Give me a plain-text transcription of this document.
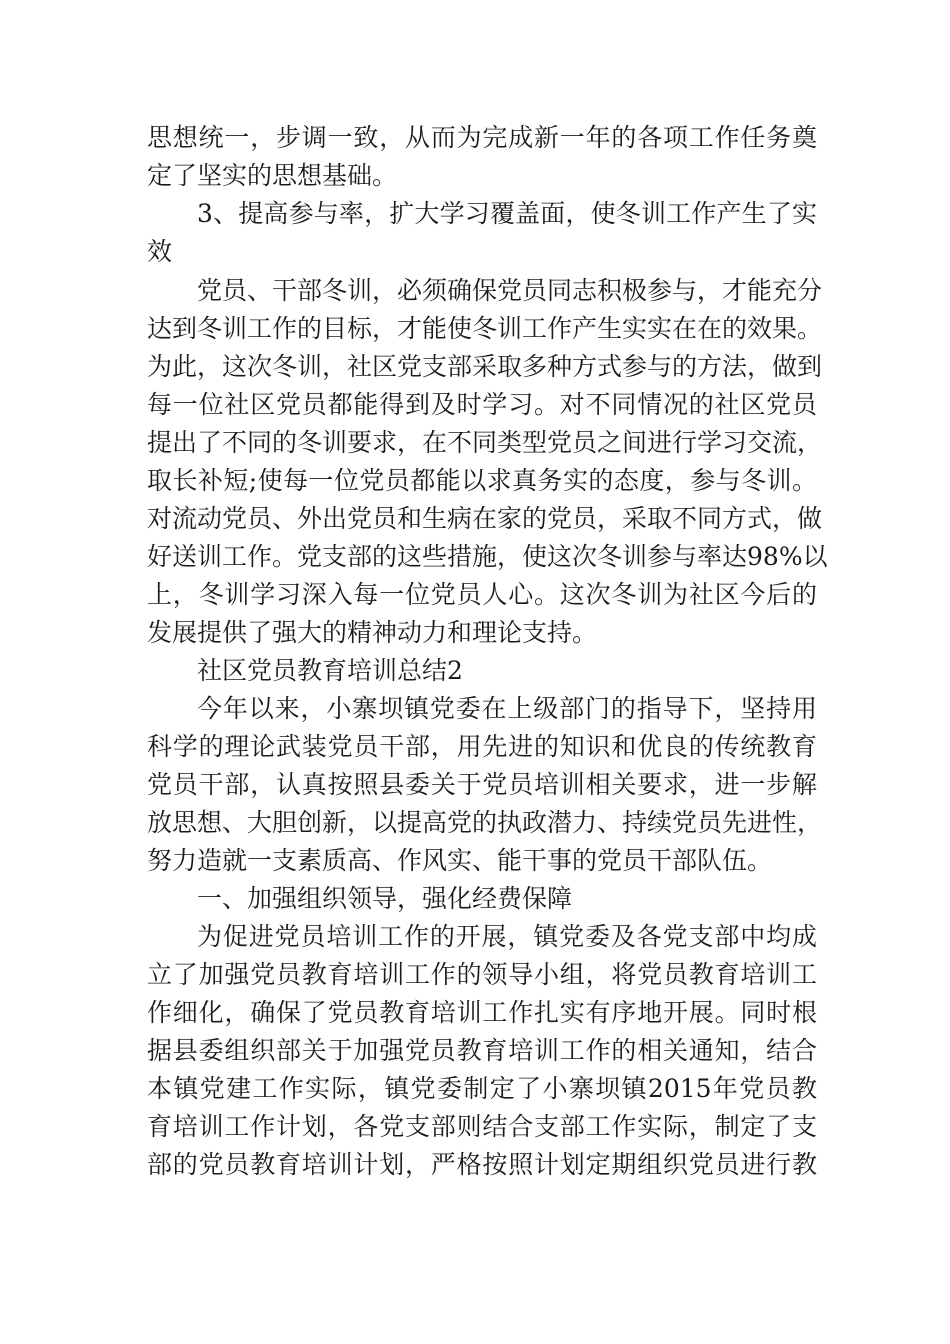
思想统一，步调一致，从而为完成新一年的各项工作任务奠

定了坚实的思想基础。

3、提高参与率，扩大学习覆盖面，使冬训工作产生了实

效

党员、干部冬训，必须确保党员同志积极参与，才能充分

达到冬训工作的目标，才能使冬训工作产生实实在在的效果。

为此，这次冬训，社区党支部采取多种方式参与的方法，做到

每一位社区党员都能得到及时学习。对不同情况的社区党员

提出了不同的冬训要求，在不同类型党员之间进行学习交流，

取长补短;使每一位党员都能以求真务实的态度，参与冬训。

对流动党员、外出党员和生病在家的党员，采取不同方式，做

好送训工作。党支部的这些措施，使这次冬训参与率达98%以

上，冬训学习深入每一位党员人心。这次冬训为社区今后的

发展提供了强大的精神动力和理论支持。

社区党员教育培训总结2

今年以来，小寨坝镇党委在上级部门的指导下，坚持用

科学的理论武装党员干部，用先进的知识和优良的传统教育

党员干部，认真按照县委关于党员培训相关要求，进一步解

放思想、大胆创新，以提高党的执政潜力、持续党员先进性，

努力造就一支素质高、作风实、能干事的党员干部队伍。

一、加强组织领导，强化经费保障

为促进党员培训工作的开展，镇党委及各党支部中均成

立了加强党员教育培训工作的领导小组，将党员教育培训工

作细化，确保了党员教育培训工作扎实有序地开展。同时根

据县委组织部关于加强党员教育培训工作的相关通知，结合

本镇党建工作实际，镇党委制定了小寨坝镇2015年党员教

育培训工作计划，各党支部则结合支部工作实际，制定了支

部的党员教育培训计划，严格按照计划定期组织党员进行教
